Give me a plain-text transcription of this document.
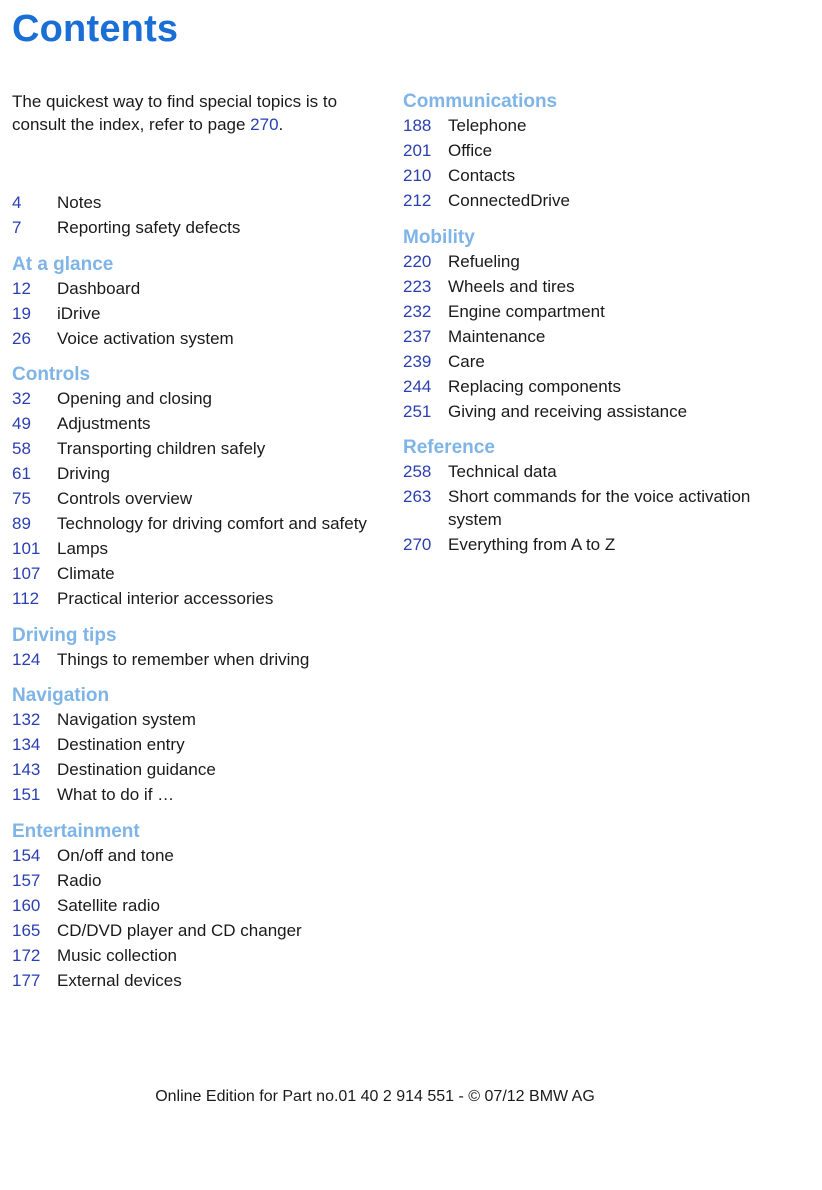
Contents

The quickest way to find special topics is to consult the index, refer to page 270.

4	Notes
7	Reporting safety defects
At a glance
12	Dashboard
19	iDrive
26	Voice activation system
Controls
32	Opening and closing
49	Adjustments
58	Transporting children safely
61	Driving
75	Controls overview
89	Technology for driving comfort and safety
101 Lamps
107 Climate
112	Practical interior accessories
Driving tips
124 Things to remember when driving
Navigation
132 Navigation system
134 Destination entry
143 Destination guidance
151 What to do if …
Entertainment
154 On/off and tone
157 Radio
160 Satellite radio
165 CD/DVD player and CD changer
172 Music collection
177 External devices
Communications
188 Telephone
201 Office
210 Contacts
212 ConnectedDrive
Mobility
220 Refueling
223 Wheels and tires
232 Engine compartment
237 Maintenance
239 Care
244 Replacing components
251 Giving and receiving assistance
Reference
258 Technical data
263 Short commands for the voice activation system
270 Everything from A to Z
Online Edition for Part no.01 40 2 914 551 - © 07/12 BMW AG
